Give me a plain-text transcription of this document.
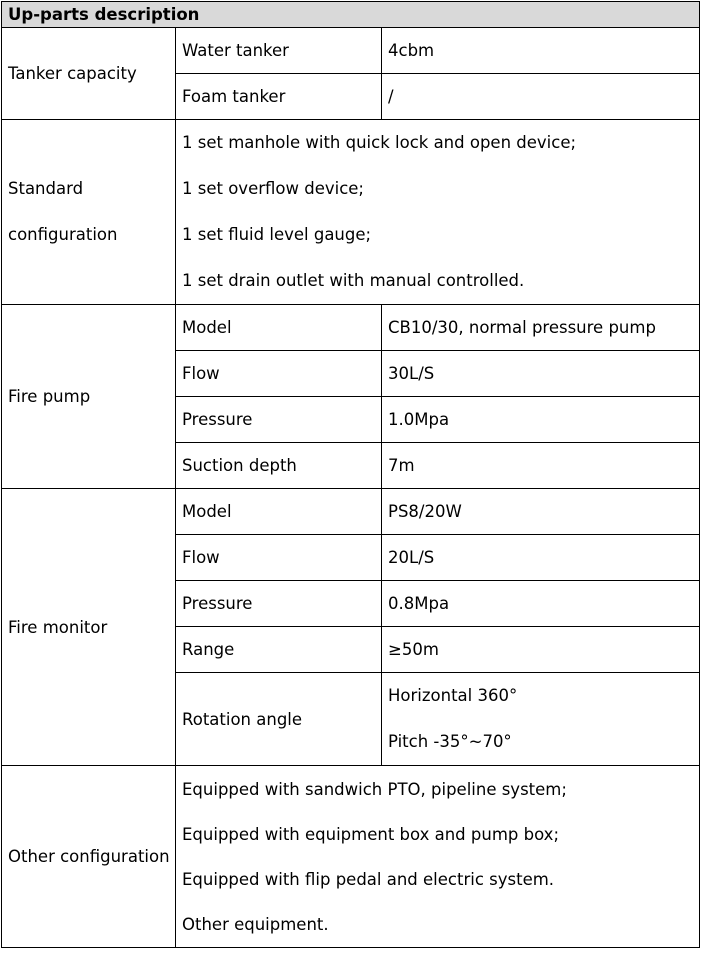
Up-parts description		
Tanker capacity	Water tanker	4cbm
	Foam tanker	/

Standard
configuration	1 set manhole with quick lock and open device;
1 set overflow device;
1 set fluid level gauge;
1 set drain outlet with manual controlled.	

Fire pump	Model	CB10/30, normal pressure pump
	Flow	30L/S
	Pressure	1.0Mpa
	Suction depth	7m
Fire monitor	Model	PS8/20W
	Flow	20L/S
	Pressure	0.8Mpa
	Range	≥50m
	Rotation angle	Horizontal 360°
Pitch -35°~70°

Other configuration	Equipped with sandwich PTO, pipeline system;
Equipped with equipment box and pump box;
Equipped with flip pedal and electric system.
Other equipment.	
